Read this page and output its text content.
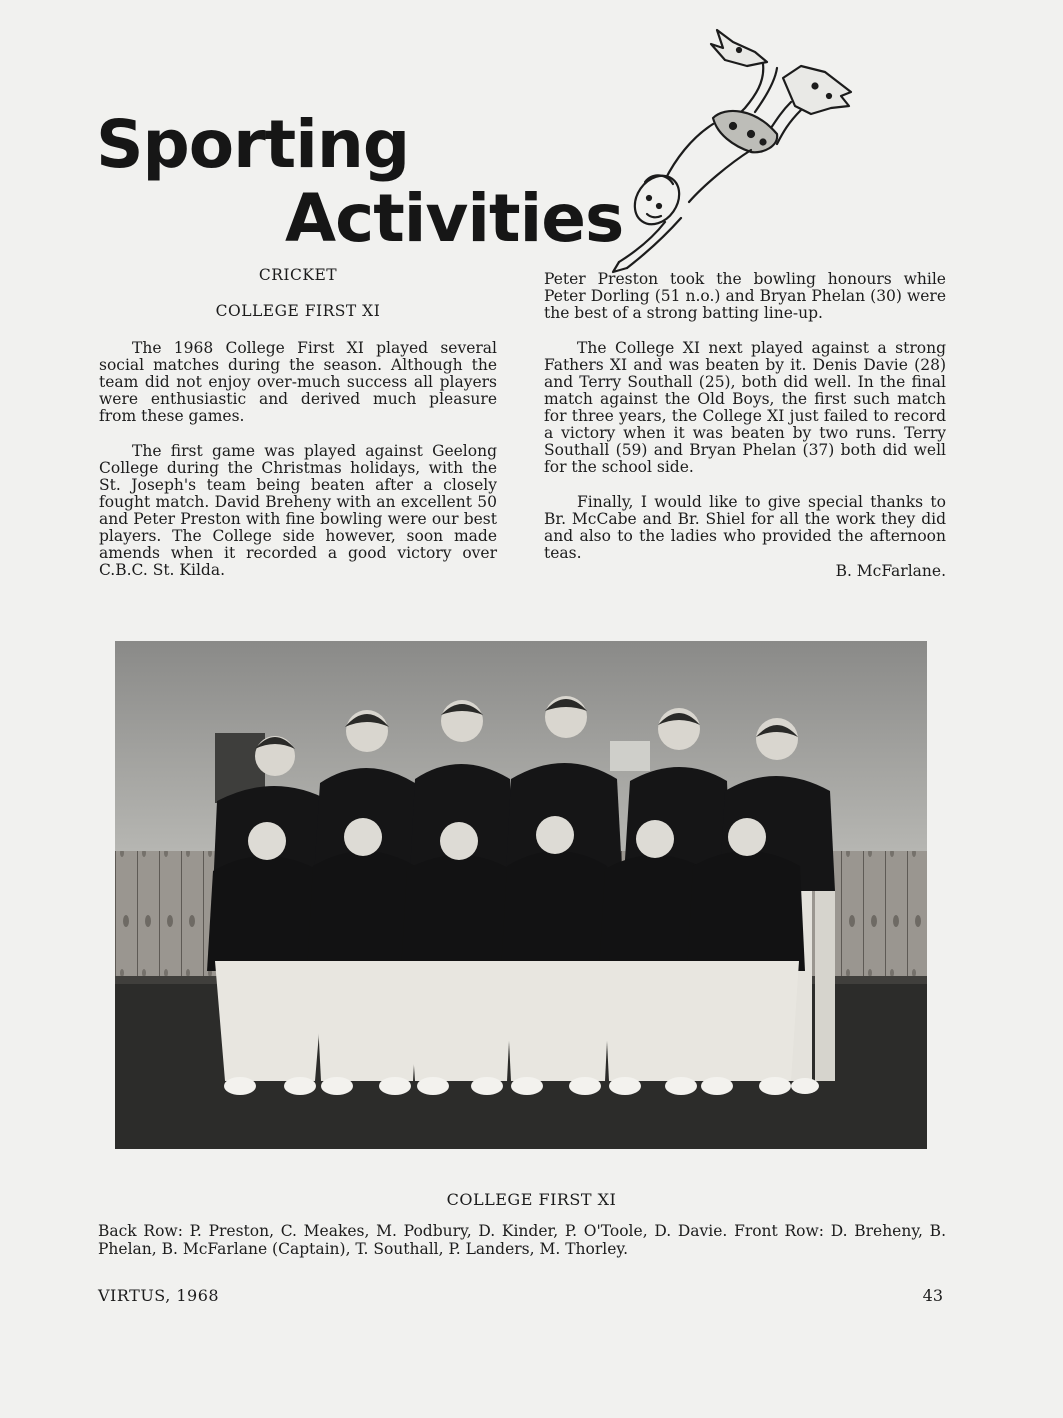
Sporting
Activities

CRICKET

COLLEGE FIRST XI

The 1968 College First XI played several social matches during the season. Although the team did not enjoy over-much success all players were enthusiastic and derived much pleasure from these games.

The first game was played against Geelong College during the Christmas holidays, with the St. Joseph's team being beaten after a closely fought match. David Breheny with an excellent 50 and Peter Preston with fine bowling were our best players. The College side however, soon made amends when it recorded a good victory over C.B.C. St. Kilda.

Peter Preston took the bowling honours while Peter Dorling (51 n.o.) and Bryan Phelan (30) were the best of a strong batting line-up.

The College XI next played against a strong Fathers XI and was beaten by it. Denis Davie (28) and Terry Southall (25), both did well. In the final match against the Old Boys, the first such match for three years, the College XI just failed to record a victory when it was beaten by two runs. Terry Southall (59) and Bryan Phelan (37) both did well for the school side.

Finally, I would like to give special thanks to Br. McCabe and Br. Shiel for all the work they did and also to the ladies who provided the afternoon teas.

B. McFarlane.

COLLEGE FIRST XI

Back Row: P. Preston, C. Meakes, M. Podbury, D. Kinder, P. O'Toole, D. Davie. Front Row: D. Breheny, B. Phelan, B. McFarlane (Captain), T. Southall, P. Landers, M. Thorley.

VIRTUS, 1968	43
